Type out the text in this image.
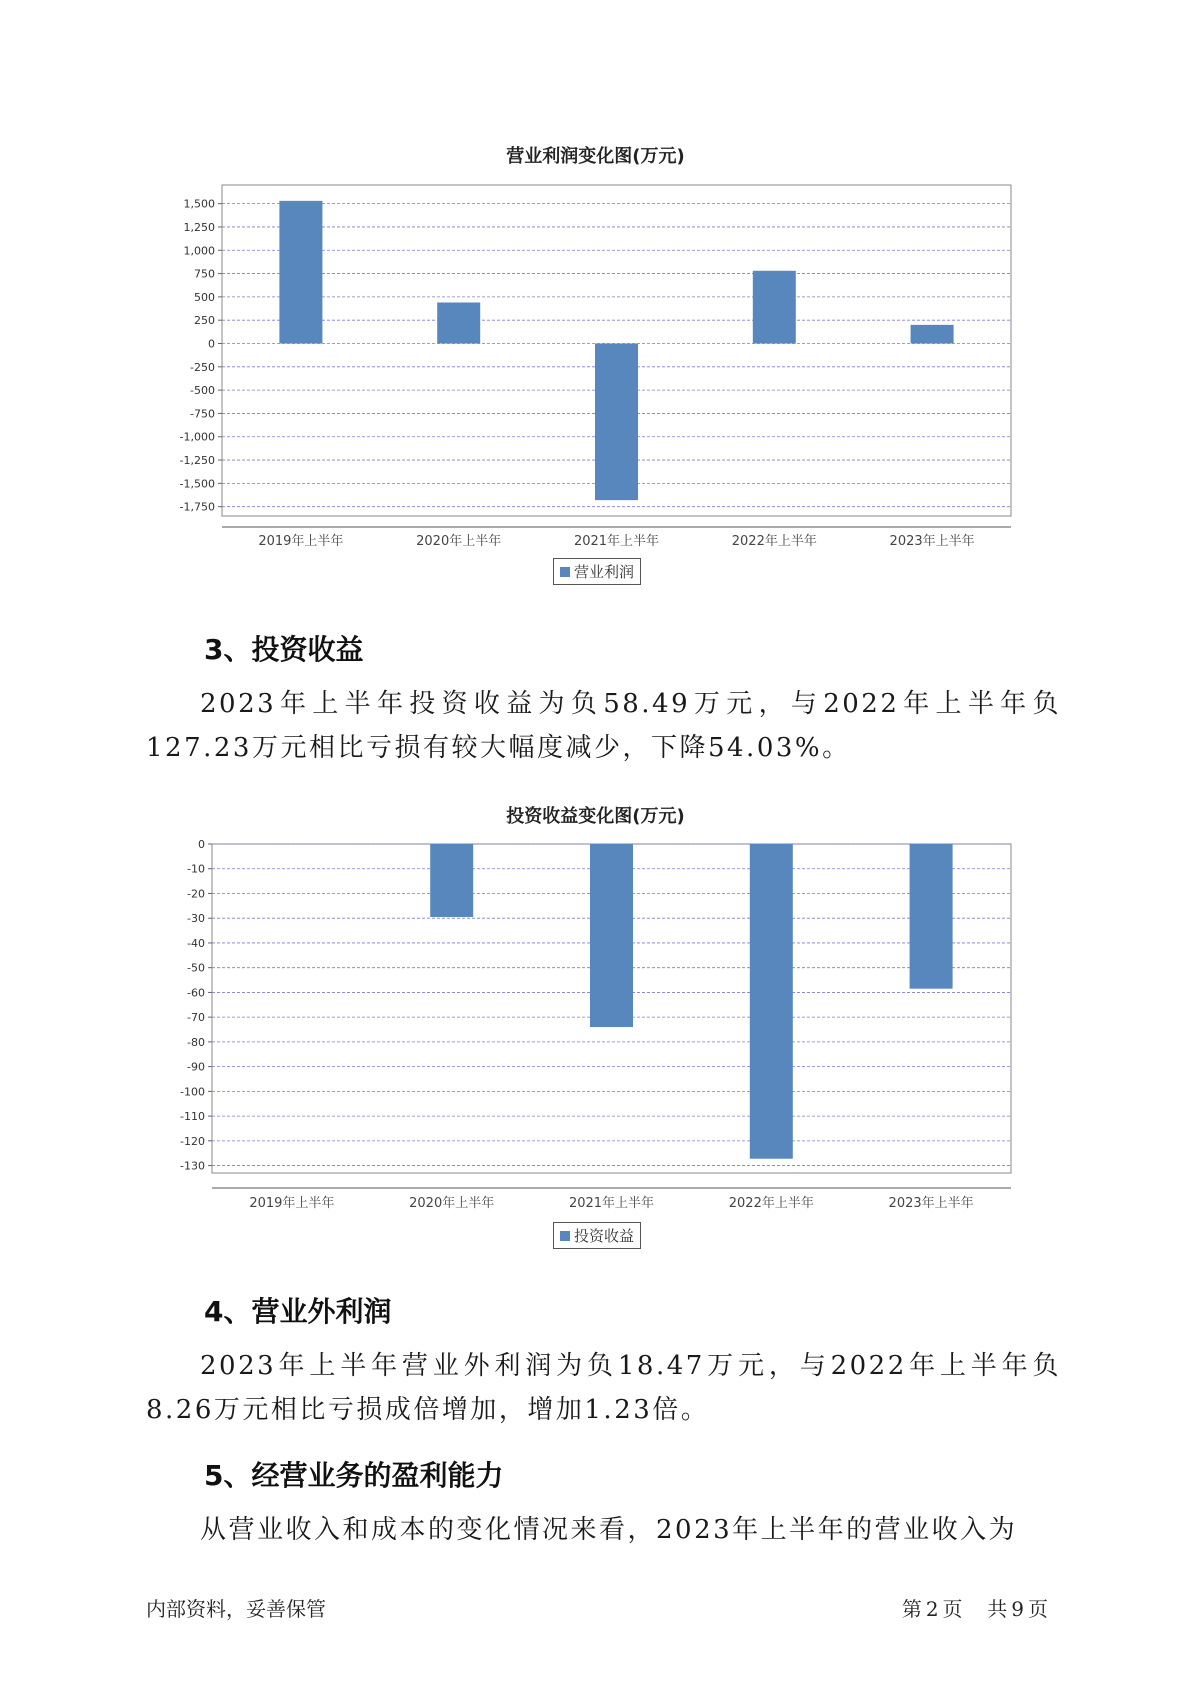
营业利润变化图(万元)
1,500
1,250
1,000
750
500
250
0
-250
-500
-750
-1,000
-1,250
-1,500
-1,750
2019年上半年	2020年上半年	2021年上半年	2022年上半年	2023年上半年
营业利润
3、投资收益

2023年上半年投资收益为负58.49万元，与2022年上半年负127.23万元相比亏损有较大幅度减少，下降54.03%。

投资收益变化图(万元)
0
-10
-20
-30
-40
-50
-60
-70
-80
-90
-100
-110
-120
-130
2019年上半年	2020年上半年	2021年上半年	2022年上半年	2023年上半年
投资收益
4、营业外利润

2023年上半年营业外利润为负18.47万元，与2022年上半年负8.26万元相比亏损成倍增加，增加1.23倍。

5、经营业务的盈利能力

从营业收入和成本的变化情况来看，2023年上半年的营业收入为

内部资料，妥善保管	第 2 页 共 9 页
